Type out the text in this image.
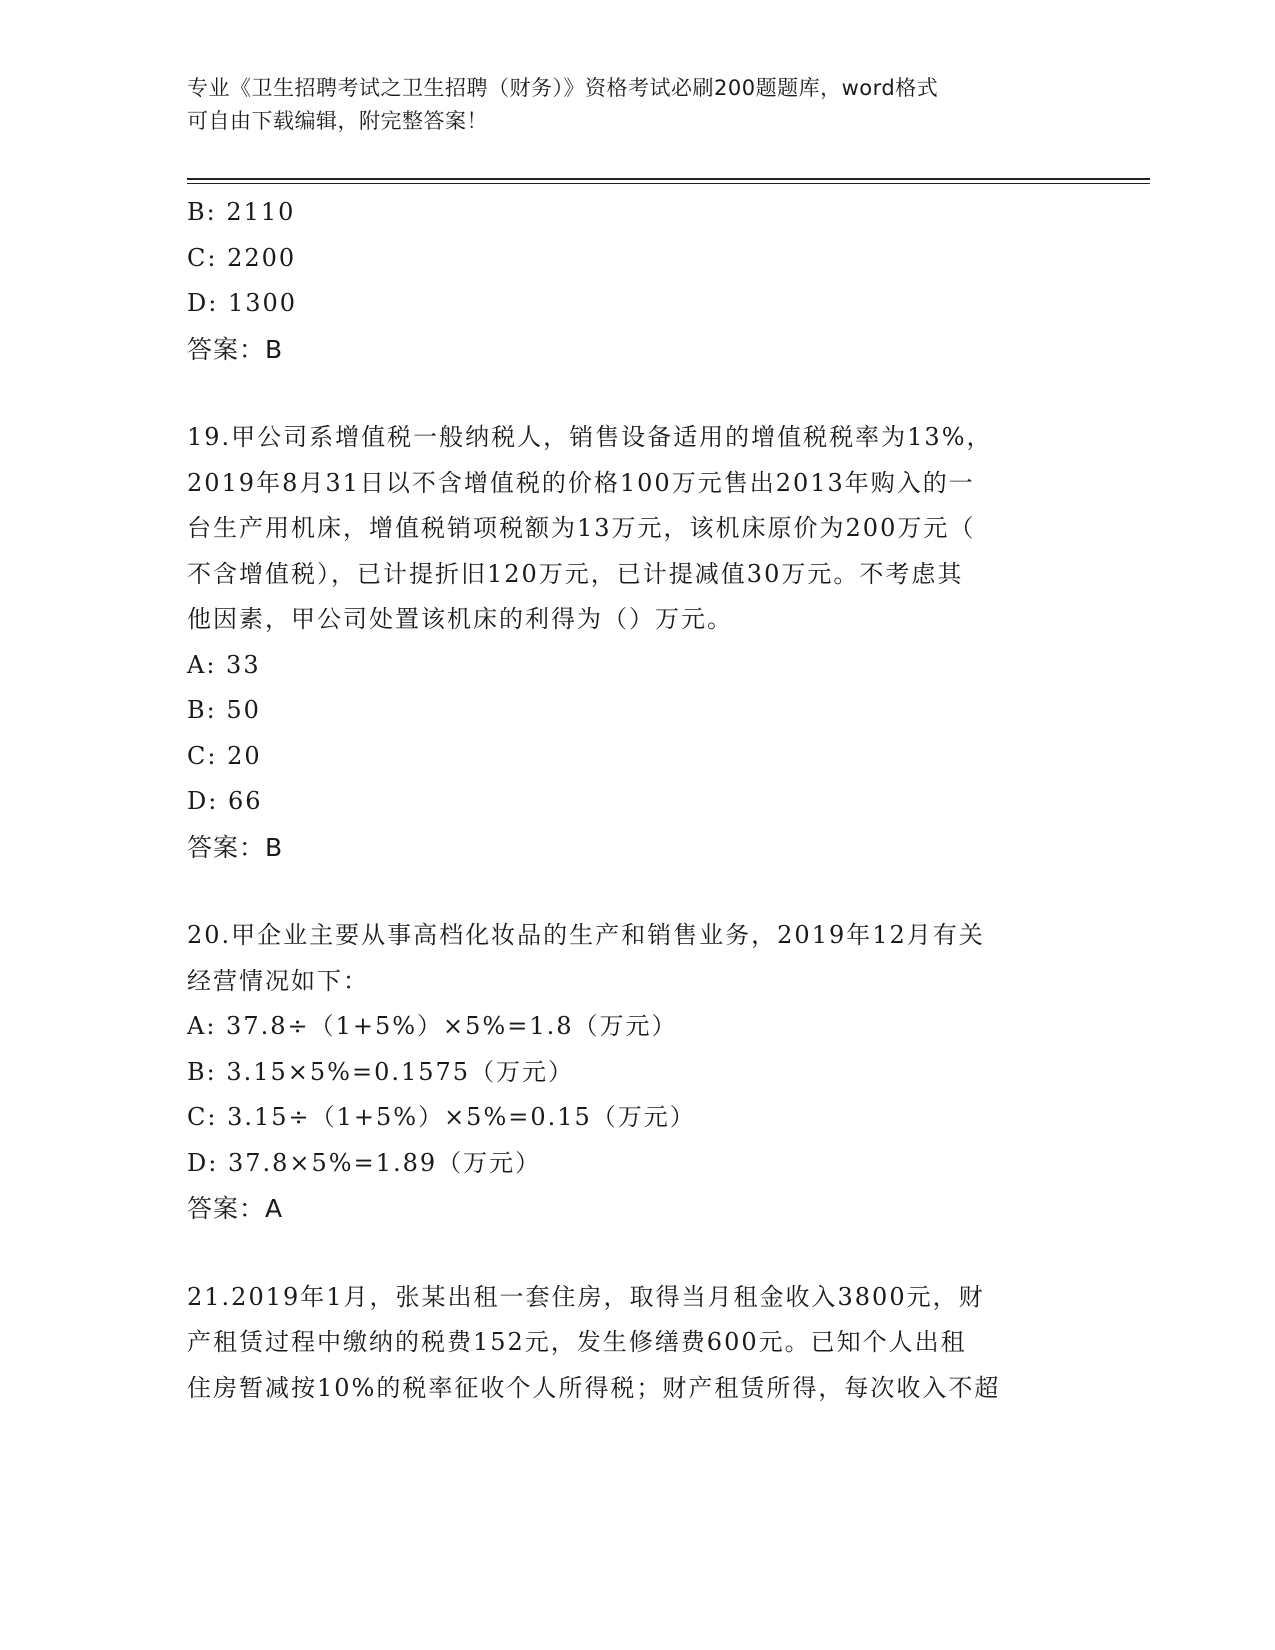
专业《卫生招聘考试之卫生招聘（财务）》资格考试必刷200题题库，word格式
可自由下载编辑，附完整答案！
B: 2110
C: 2200
D: 1300
答案：B
19.甲公司系增值税一般纳税人，销售设备适用的增值税税率为13%，
2019年8月31日以不含增值税的价格100万元售出2013年购入的一
台生产用机床，增值税销项税额为13万元，该机床原价为200万元（
不含增值税），已计提折旧120万元，已计提减值30万元。不考虑其
他因素，甲公司处置该机床的利得为（）万元。
A: 33
B: 50
C: 20
D: 66
答案：B
20.甲企业主要从事高档化妆品的生产和销售业务，2019年12月有关
经营情况如下：
A: 37.8÷（1+5%）×5%=1.8（万元）
B: 3.15×5%=0.1575（万元）
C: 3.15÷（1+5%）×5%=0.15（万元）
D: 37.8×5%=1.89（万元）
答案：A
21.2019年1月，张某出租一套住房，取得当月租金收入3800元，财
产租赁过程中缴纳的税费152元，发生修缮费600元。已知个人出租
住房暂减按10%的税率征收个人所得税；财产租赁所得，每次收入不超
